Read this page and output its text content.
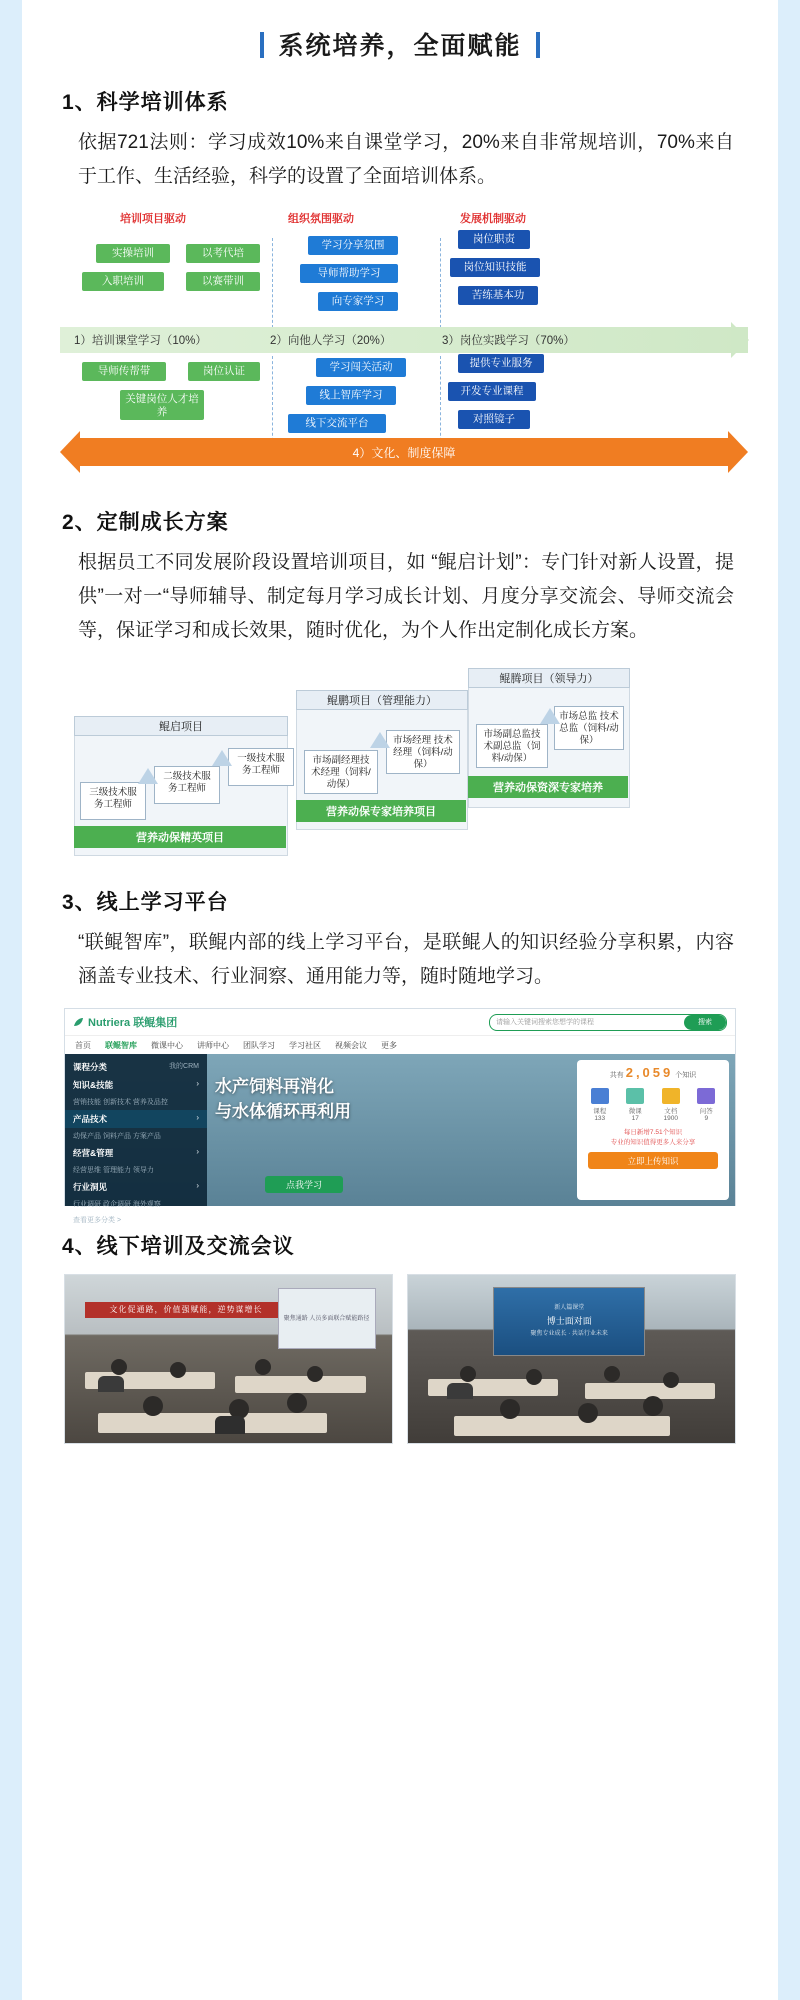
系统培养，全面赋能
1、科学培训体系
依据721法则：学习成效10%来自课堂学习，20%来自非常规培训，70%来自于工作、生活经验，科学的设置了全面培训体系。
培训项目驱动	组织氛围驱动	发展机制驱动
实操培训	以考代培
入职培训	以赛带训
导师传帮带	岗位认证
关键岗位人才培养
学习分享氛围
导师帮助学习
向专家学习
学习闯关活动
线上智库学习
线下交流平台
岗位职责
岗位知识技能
苦练基本功
提供专业服务
开发专业课程
对照镜子
1）培训课堂学习（10%）	2）向他人学习（20%）	3）岗位实践学习（70%）
4）文化、制度保障
2、定制成长方案
根据员工不同发展阶段设置培训项目，如 “鲲启计划”：专门针对新人设置，提供”一对一“导师辅导、制定每月学习成长计划、月度分享交流会、导师交流会等，保证学习和成长效果，随时优化，为个人作出定制化成长方案。
鲲腾项目（领导力）
市场副总监技术副总监（饲料/动保）
市场总监 技术总监（饲料/动保）
营养动保资深专家培养
鲲鹏项目（管理能力）
市场副经理技术经理（饲料/动保）
市场经理 技术经理（饲料/动保）
营养动保专家培养项目
鲲启项目
三级技术服务工程师
二级技术服务工程师
一级技术服务工程师
营养动保精英项目
3、线上学习平台
“联鲲智库”，联鲲内部的线上学习平台，是联鲲人的知识经验分享积累，内容涵盖专业技术、行业洞察、通用能力等，随时随地学习。
Nutriera 联鲲集团	请输入关键词搜索您想学的课程	搜索
首页 联鲲智库 微课中心 讲师中心 团队学习 学习社区 视频会议 更多
课程分类	我的CRM
知识&技能	›
营销技能 创新技术 营养及品控
产品技术	›
动保产品 饲料产品 方案产品
经营&管理	›
经营思维 管理能力 领导力
行业洞见	›
行业调研 政企调研 海外观察
查看更多分类 >
水产饲料再消化
与水体循环再利用
点我学习
共有 2,059 个知识
课程
133
微课
17
文档
1900
问答
9
每日新增7.51个知识
专业的知识值得更多人来分享
立即上传知识
4、线下培训及交流会议
文化促通路，价值强赋能，逆势谋增长
聚焦通路 人员多面联合赋能路径
新人篇课堂
博士面对面
聚焦专业成长 · 共话行业未来
